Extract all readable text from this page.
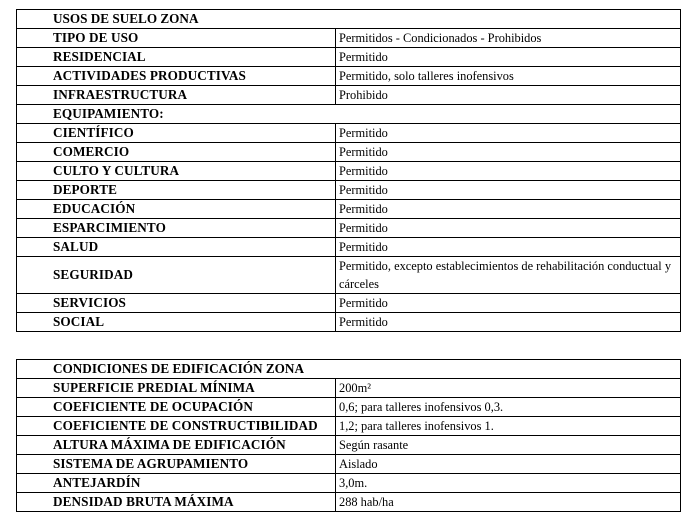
USOS DE SUELO ZONA	
TIPO DE USO	Permitidos - Condicionados - Prohibidos
RESIDENCIAL	Permitido
ACTIVIDADES PRODUCTIVAS	Permitido, solo talleres inofensivos
INFRAESTRUCTURA	Prohibido
EQUIPAMIENTO:	
CIENTÍFICO	Permitido
COMERCIO	Permitido
CULTO Y CULTURA	Permitido
DEPORTE	Permitido
EDUCACIÓN	Permitido
ESPARCIMIENTO	Permitido
SALUD	Permitido
SEGURIDAD	Permitido, excepto establecimientos de rehabilitación conductual y cárceles
SERVICIOS	Permitido
SOCIAL	Permitido
CONDICIONES DE EDIFICACIÓN ZONA	
SUPERFICIE PREDIAL MÍNIMA	200m²
COEFICIENTE DE OCUPACIÓN	0,6; para talleres inofensivos 0,3.
COEFICIENTE DE CONSTRUCTIBILIDAD	1,2; para talleres inofensivos 1.
ALTURA MÁXIMA DE EDIFICACIÓN	Según rasante
SISTEMA DE AGRUPAMIENTO	Aislado
ANTEJARDÍN	3,0m.
DENSIDAD BRUTA MÁXIMA	288 hab/ha
